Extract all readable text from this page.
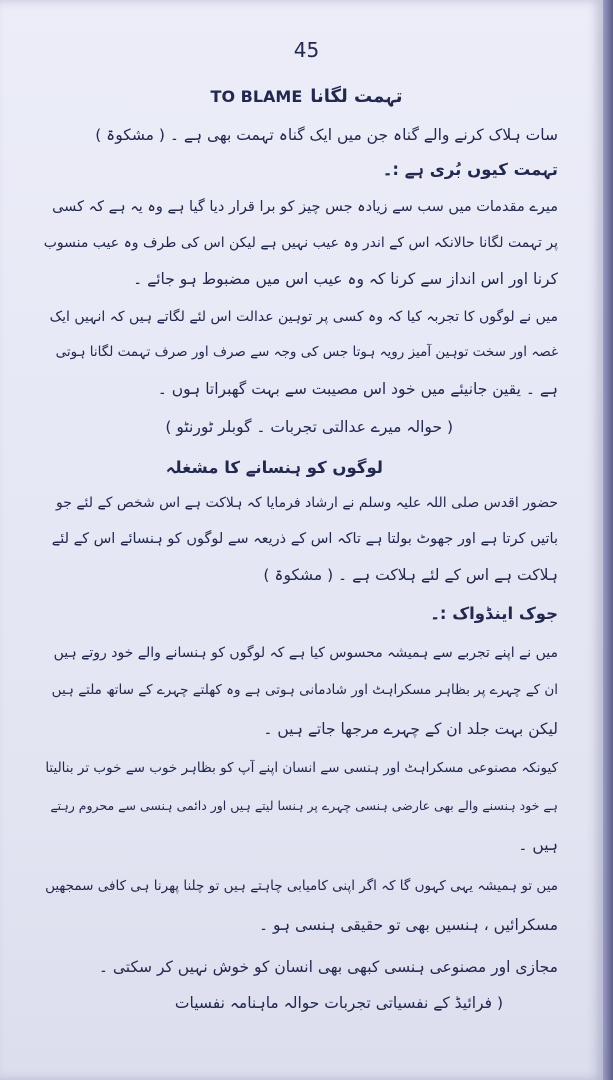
45
TO BLAME تہمت لگانا
سات ہلاک کرنے والے گناہ جن میں ایک گناہ تہمت بھی ہے ۔ ( مشکوۃ )
تہمت کیوں بُری ہے :۔
میرے مقدمات میں سب سے زیادہ جس چیز کو برا قرار دیا گیا ہے وہ یہ ہے کہ کسی
پر تہمت لگانا حالانکہ اس کے اندر وہ عیب نہیں ہے لیکن اس کی طرف وہ عیب منسوب
کرنا اور اس انداز سے کرنا کہ وہ عیب اس میں مضبوط ہو جائے ۔
میں نے لوگوں کا تجربہ کیا کہ وہ کسی پر توہین عدالت اس لئے لگاتے ہیں کہ انہیں ایک
غصہ اور سخت توہین آمیز رویہ ہوتا جس کی وجہ سے صرف اور صرف تہمت لگانا ہوتی
ہے ۔ یقین جانیئے میں خود اس مصیبت سے بہت گھبراتا ہوں ۔
( حوالہ میرے عدالتی تجربات ۔ گوبلر ٹورنٹو )
لوگوں کو ہنسانے کا مشغلہ
حضور اقدس صلی اللہ علیہ وسلم نے ارشاد فرمایا کہ ہلاکت ہے اس شخص کے لئے جو
باتیں کرتا ہے اور جھوٹ بولتا ہے تاکہ اس کے ذریعہ سے لوگوں کو ہنسائے اس کے لئے
ہلاکت ہے اس کے لئے ہلاکت ہے ۔ ( مشکوۃ )
جوک اینڈواک :۔
میں نے اپنے تجربے سے ہمیشہ محسوس کیا ہے کہ لوگوں کو ہنسانے والے خود روتے ہیں
ان کے چہرے پر بظاہر مسکراہٹ اور شادمانی ہوتی ہے وہ کھلتے چہرے کے ساتھ ملتے ہیں
لیکن بہت جلد ان کے چہرے مرجھا جاتے ہیں ۔
کیونکہ مصنوعی مسکراہٹ اور ہنسی سے انسان اپنے آپ کو بظاہر خوب سے خوب تر بنالیتا
ہے خود ہنسنے والے بھی عارضی ہنسی چہرے پر ہنسا لیتے ہیں اور دائمی ہنسی سے محروم رہتے
ہیں ۔
میں تو ہمیشہ یہی کہوں گا کہ اگر اپنی کامیابی چاہتے ہیں تو چلنا پھرنا ہی کافی سمجھیں
مسکرائیں ، ہنسیں بھی تو حقیقی ہنسی ہو ۔
مجازی اور مصنوعی ہنسی کبھی بھی انسان کو خوش نہیں کر سکتی ۔
( فرائیڈ کے نفسیاتی تجربات حوالہ ماہنامہ نفسیات
